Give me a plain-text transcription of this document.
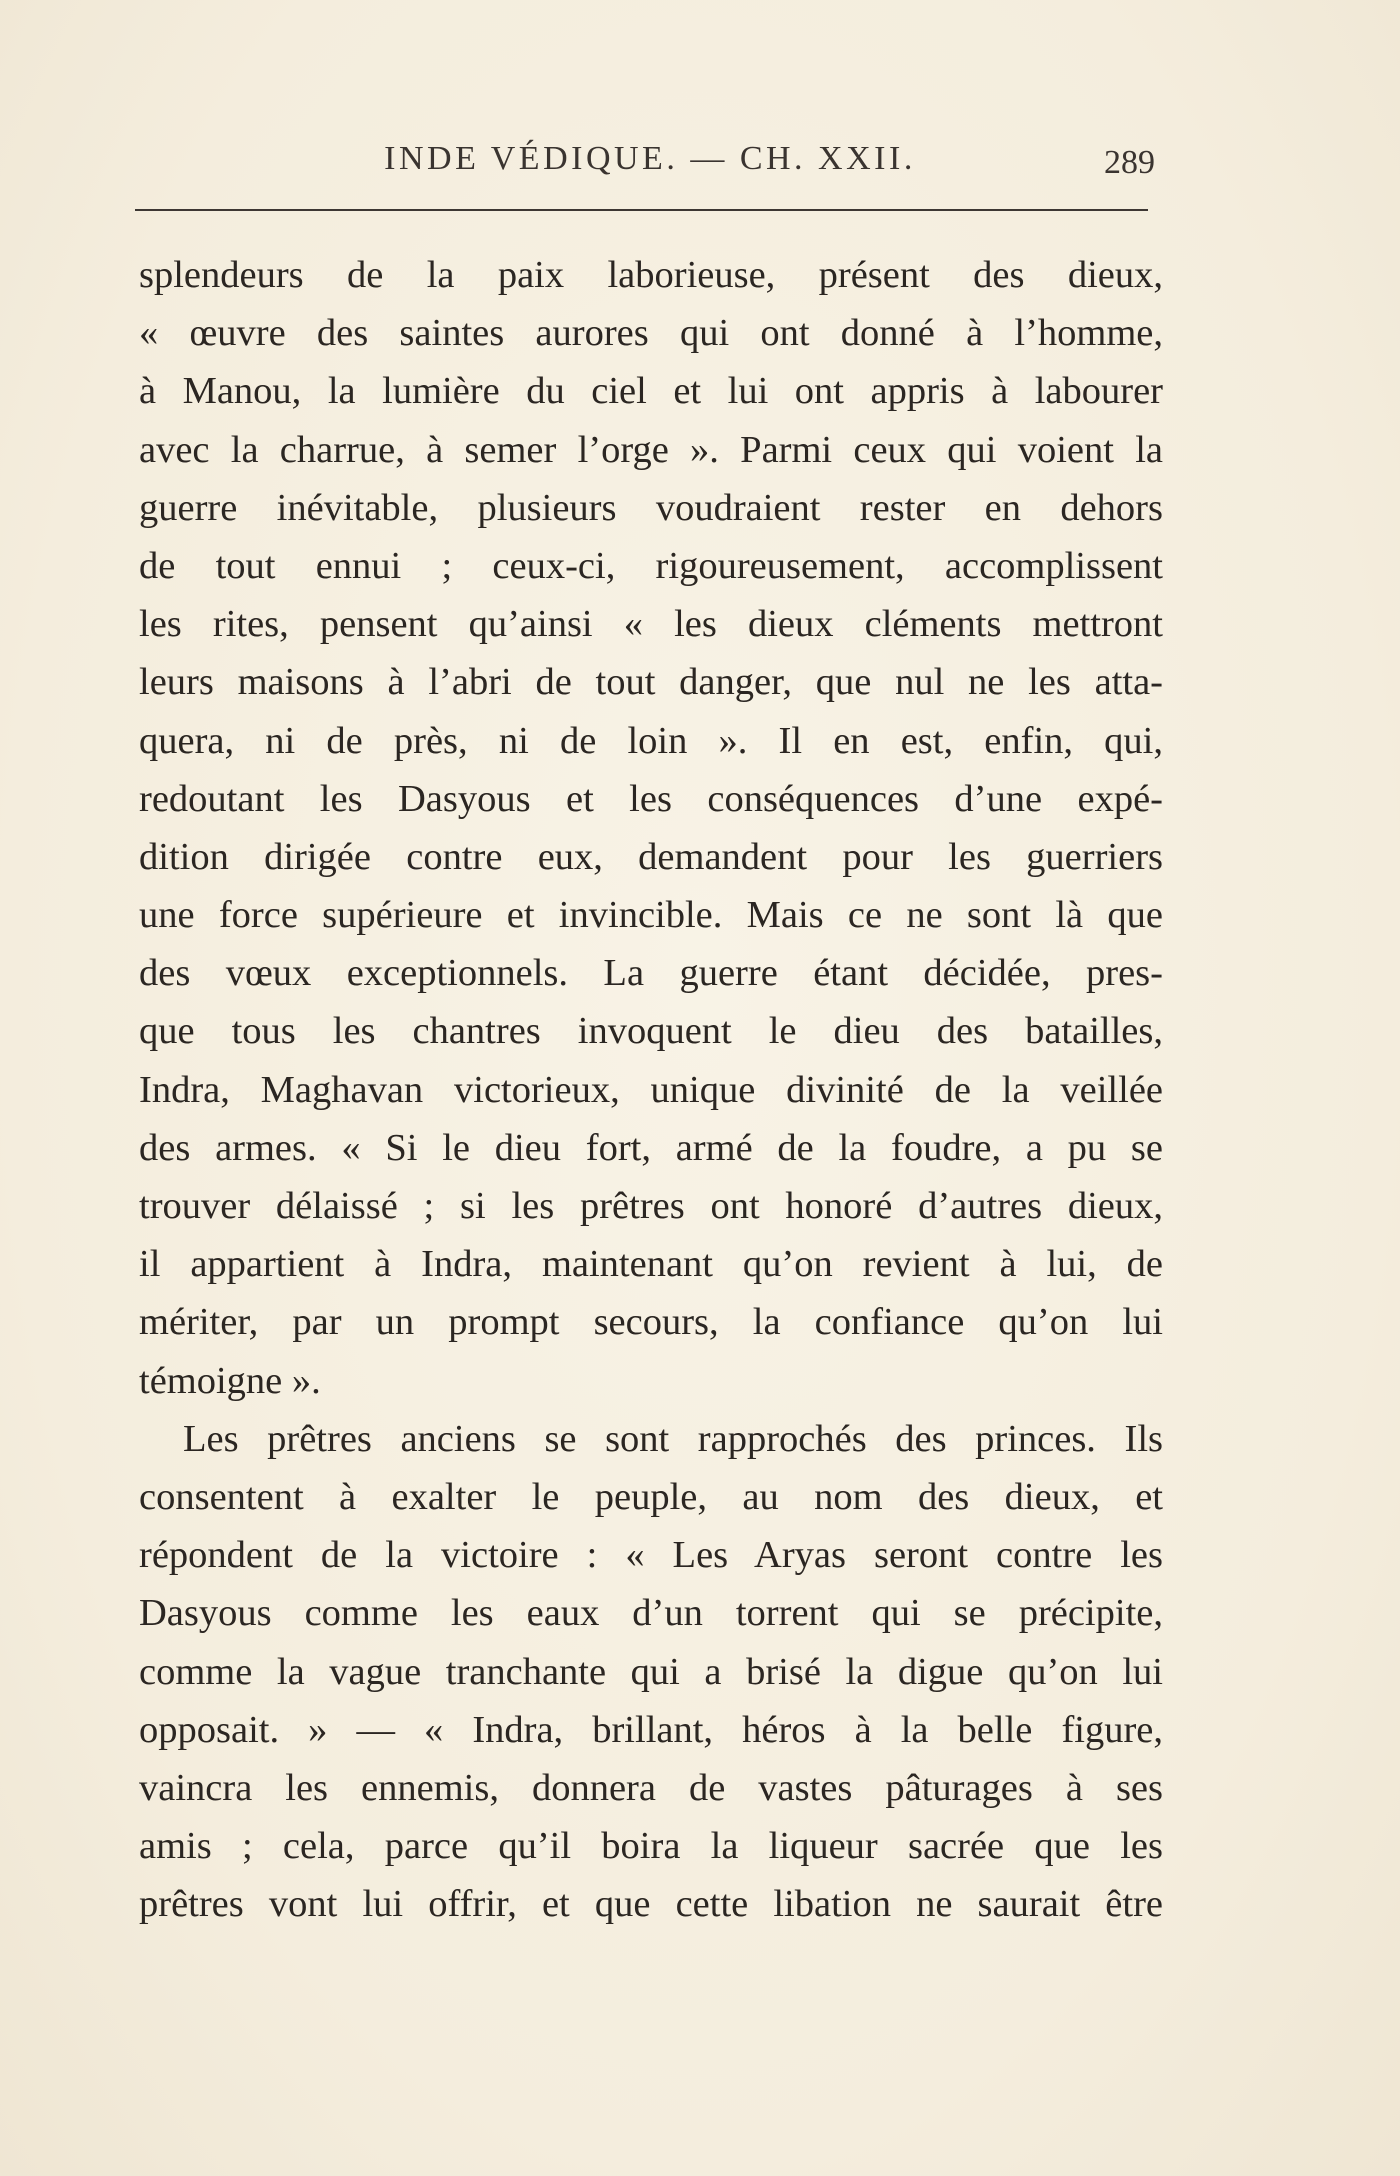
INDE VÉDIQUE. — CH. XXII.	289
splendeurs de la paix laborieuse, présent des dieux,
« œuvre des saintes aurores qui ont donné à l’homme,
à Manou, la lumière du ciel et lui ont appris à labourer
avec la charrue, à semer l’orge ». Parmi ceux qui voient la
guerre inévitable, plusieurs voudraient rester en dehors
de tout ennui ; ceux-ci, rigoureusement, accomplissent
les rites, pensent qu’ainsi « les dieux cléments mettront
leurs maisons à l’abri de tout danger, que nul ne les atta-
quera, ni de près, ni de loin ». Il en est, enfin, qui,
redoutant les Dasyous et les conséquences d’une expé-
dition dirigée contre eux, demandent pour les guerriers
une force supérieure et invincible. Mais ce ne sont là que
des vœux exceptionnels. La guerre étant décidée, pres-
que tous les chantres invoquent le dieu des batailles,
Indra, Maghavan victorieux, unique divinité de la veillée
des armes. « Si le dieu fort, armé de la foudre, a pu se
trouver délaissé ; si les prêtres ont honoré d’autres dieux,
il appartient à Indra, maintenant qu’on revient à lui, de
mériter, par un prompt secours, la confiance qu’on lui
témoigne ».
Les prêtres anciens se sont rapprochés des princes. Ils
consentent à exalter le peuple, au nom des dieux, et
répondent de la victoire : « Les Aryas seront contre les
Dasyous comme les eaux d’un torrent qui se précipite,
comme la vague tranchante qui a brisé la digue qu’on lui
opposait. » — « Indra, brillant, héros à la belle figure,
vaincra les ennemis, donnera de vastes pâturages à ses
amis ; cela, parce qu’il boira la liqueur sacrée que les
prêtres vont lui offrir, et que cette libation ne saurait être
